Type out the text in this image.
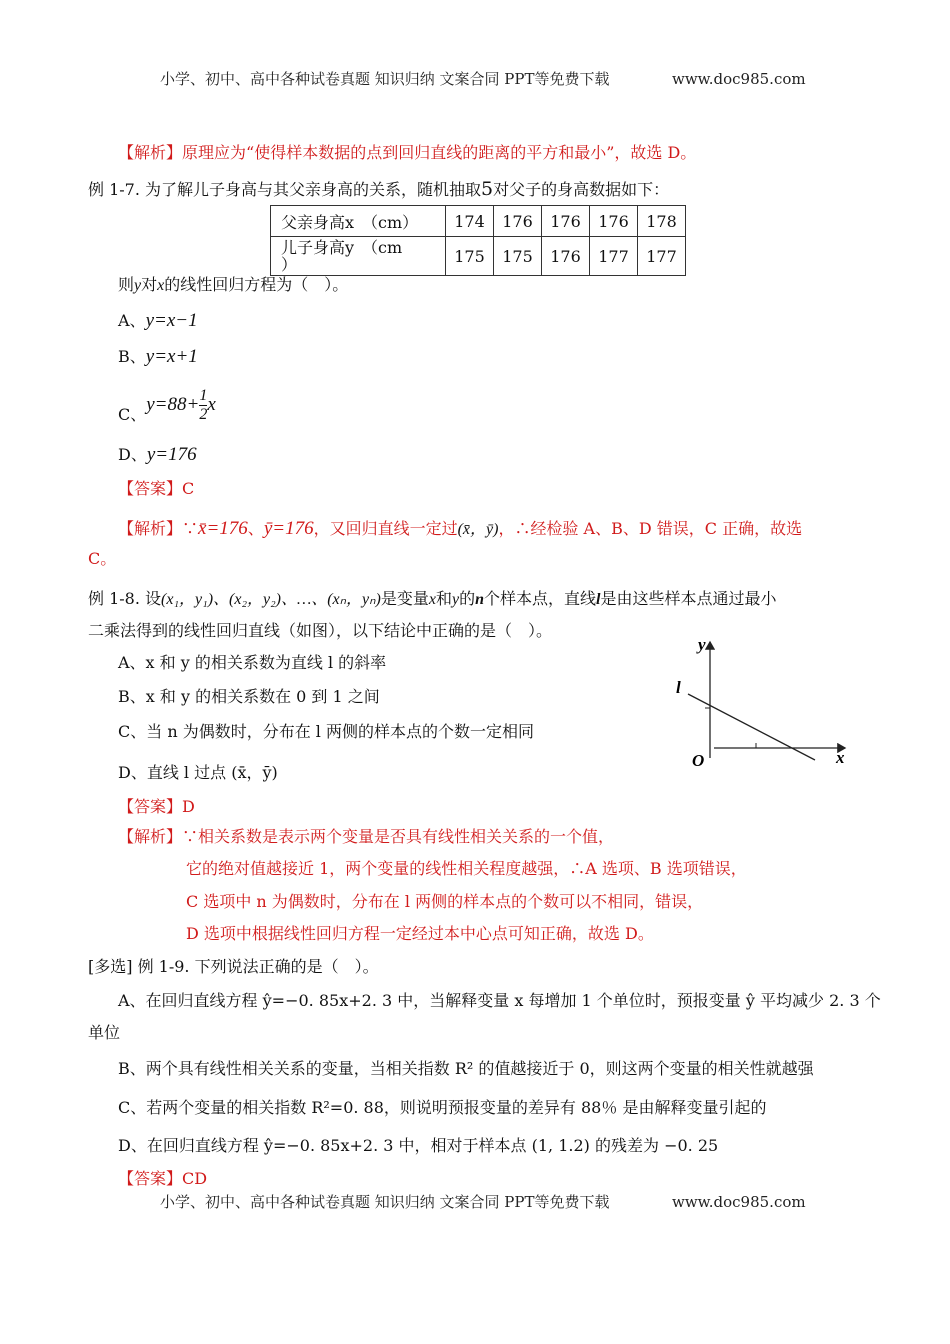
小学、初中、高中各种试卷真题 知识归纳 文案合同 PPT等免费下载	www.doc985.com
【解析】原理应为“使得样本数据的点到回归直线的距离的平方和最小”，故选 D。
例 1-7. 为了解儿子身高与其父亲身高的关系，随机抽取5对父子的身高数据如下：
父亲身高x　（cm）	174	176	176	176	178
儿子身高y　（cm
）	175	175	176	177	177
则y对x的线性回归方程为（　）。
A、y=x−1
B、y=x+1
C、$y=88+ \frac{1}{2}$ x
D、y=176
【答案】C
【解析】∵x̄=176、ȳ=176，又回归直线一定过(x̄，ȳ)，∴经检验 A、B、D 错误，C 正确，故选
C。
例 1-8. 设(x₁，y₁)、(x₂，y₂)、…、(xₙ，yₙ)是变量x和y的n个样本点，直线l是由这些样本点通过最小
二乘法得到的线性回归直线（如图），以下结论中正确的是（　）。
A、x 和 y 的相关系数为直线 l 的斜率
B、x 和 y 的相关系数在 0 到 1 之间
C、当 n 为偶数时，分布在 l 两侧的样本点的个数一定相同
D、直线 l 过点 (x̄，ȳ)
y
x
O
l
【答案】D
【解析】∵相关系数是表示两个变量是否具有线性相关关系的一个值，
它的绝对值越接近 1，两个变量的线性相关程度越强，∴A 选项、B 选项错误，
C 选项中 n 为偶数时，分布在 l 两侧的样本点的个数可以不相同，错误，
D 选项中根据线性回归方程一定经过本中心点可知正确，故选 D。
[多选] 例 1-9. 下列说法正确的是（　）。
A、在回归直线方程 ŷ=−0. 85x+2. 3 中，当解释变量 x 每增加 1 个单位时，预报变量 ŷ 平均减少 2. 3 个
单位
B、两个具有线性相关关系的变量，当相关指数 R² 的值越接近于 0，则这两个变量的相关性就越强
C、若两个变量的相关指数 R²=0. 88，则说明预报变量的差异有 88％ 是由解释变量引起的
D、在回归直线方程 ŷ=−0. 85x+2. 3 中，相对于样本点 (1, 1.2) 的残差为 −0. 25
【答案】CD
小学、初中、高中各种试卷真题 知识归纳 文案合同 PPT等免费下载	www.doc985.com
